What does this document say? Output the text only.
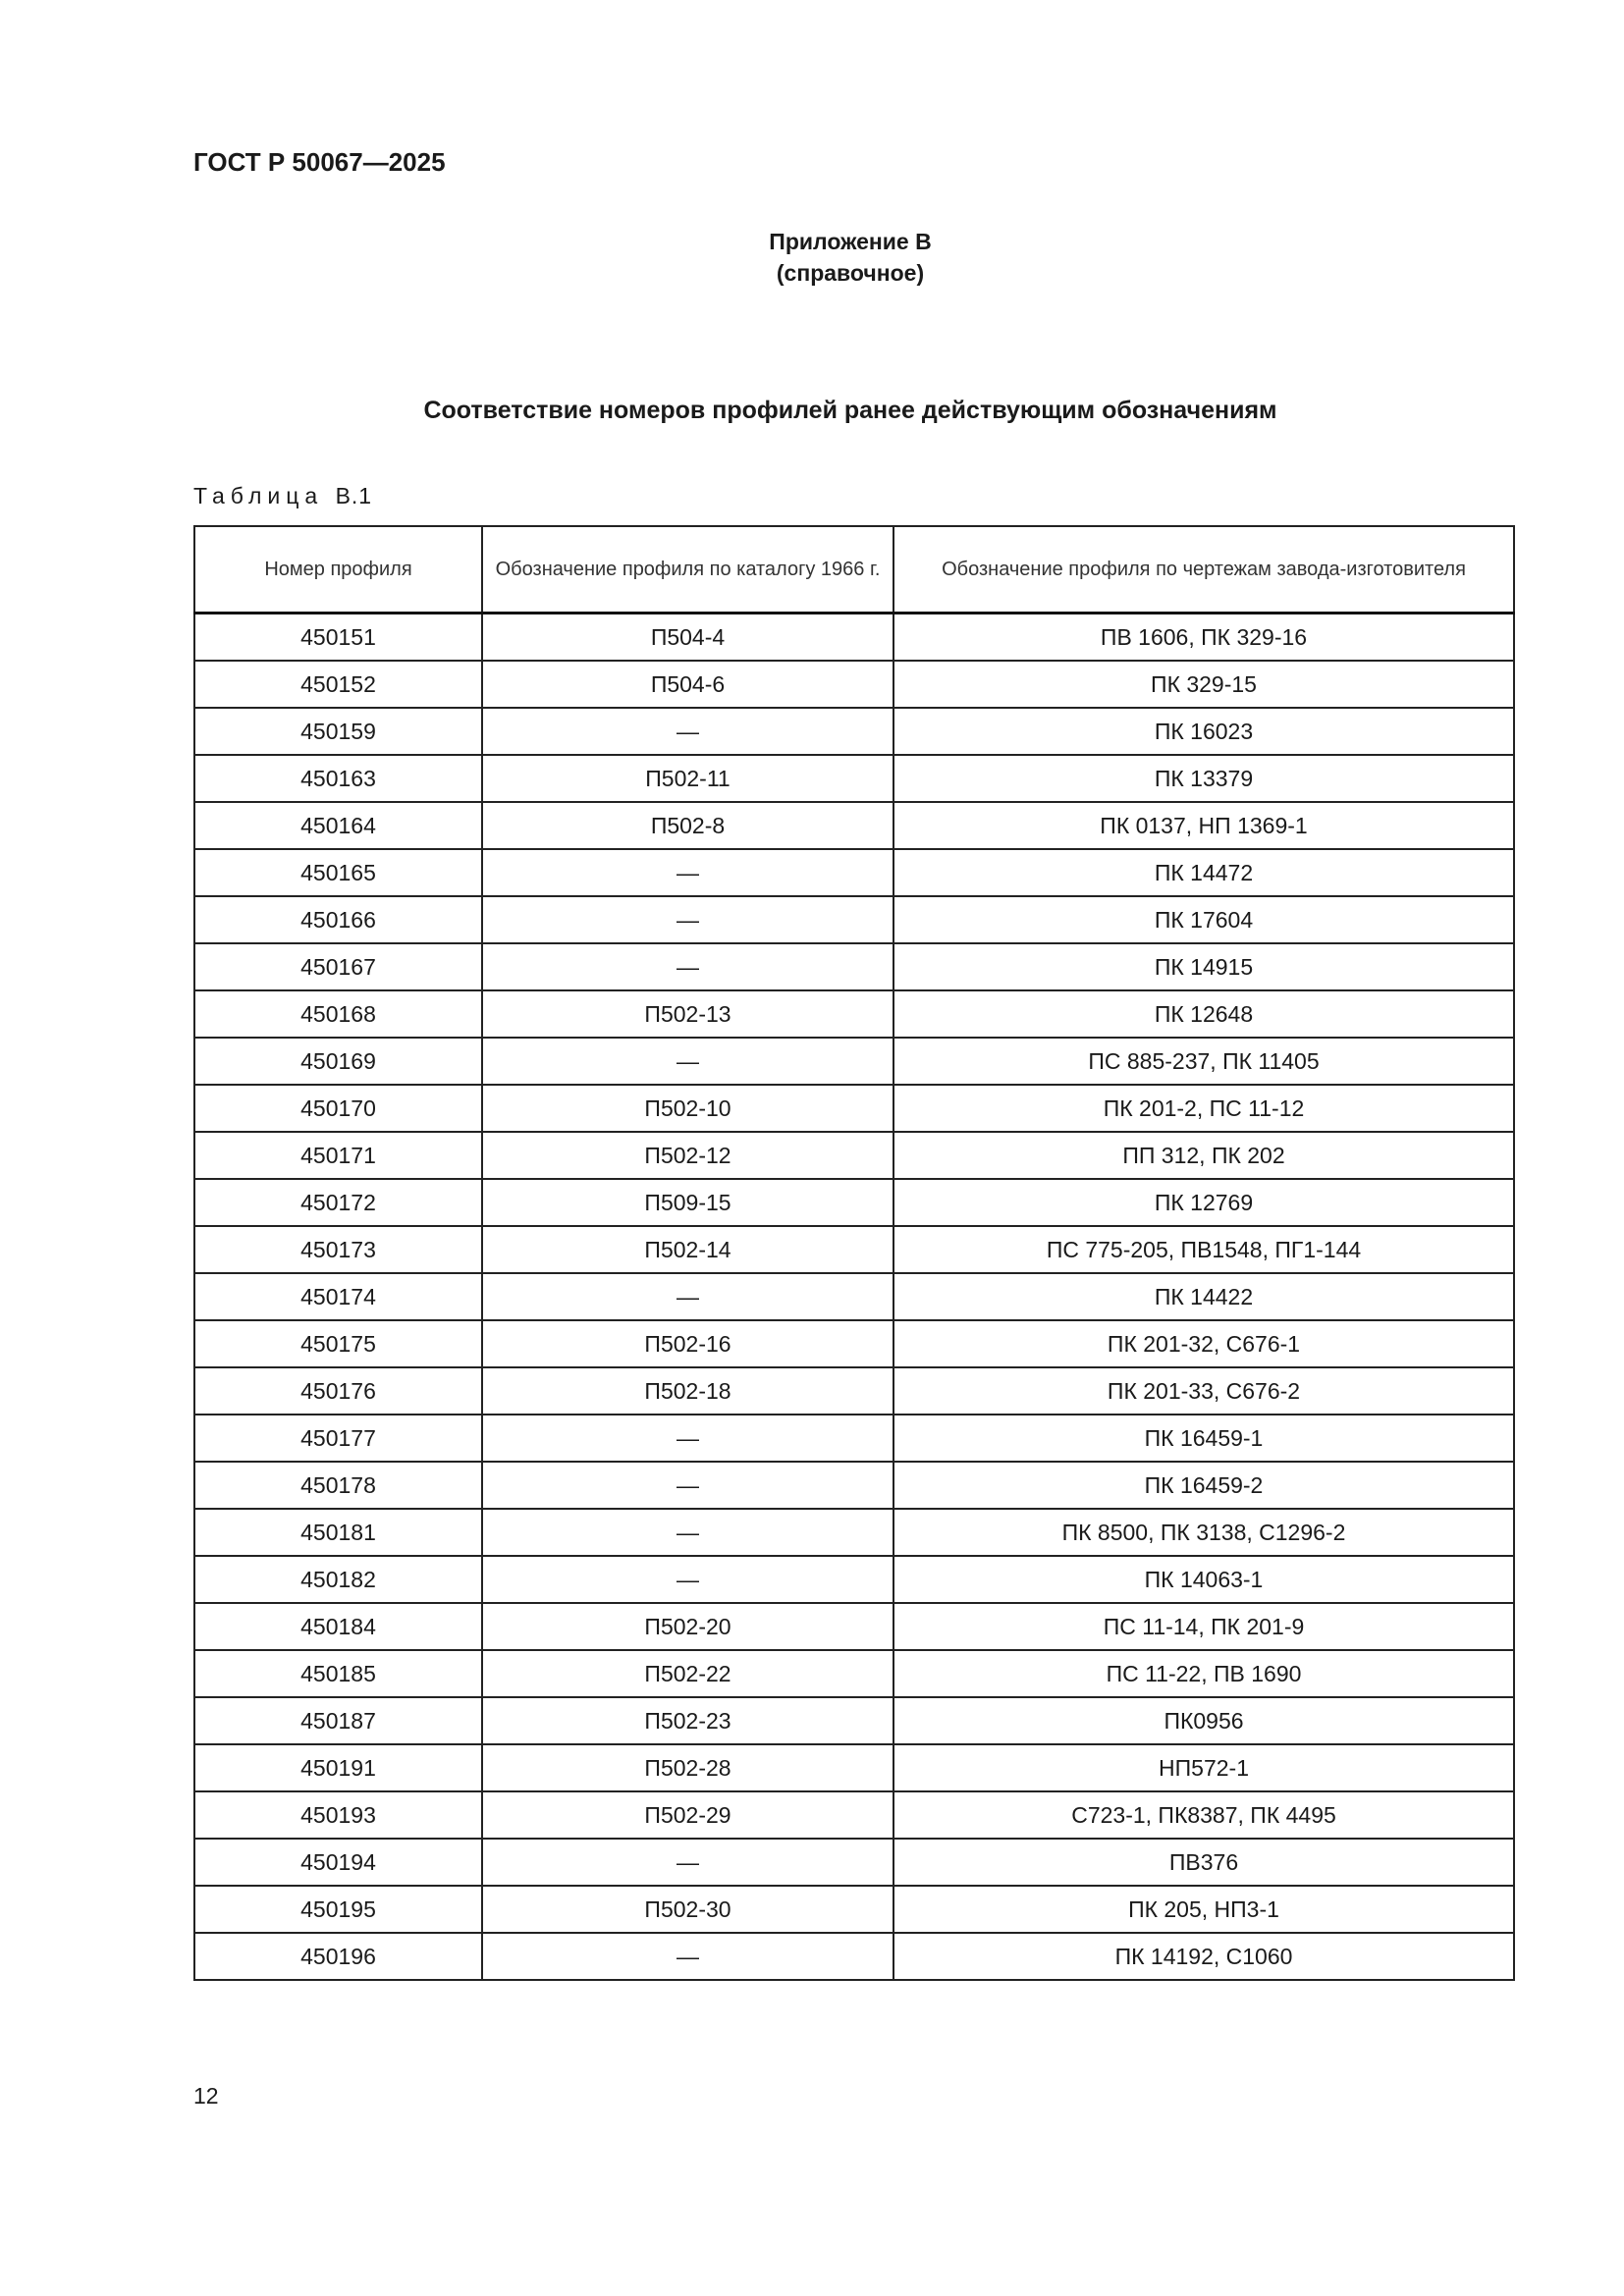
ГОСТ Р 50067—2025
Приложение В
(справочное)
Соответствие номеров профилей ранее действующим обозначениям
Таблица В.1
Номер профиля	Обозначение профиля по каталогу 1966 г.	Обозначение профиля по чертежам завода-изготовителя
450151	П504-4	ПВ 1606, ПК 329-16
450152	П504-6	ПК 329-15
450159	—	ПК 16023
450163	П502-11	ПК 13379
450164	П502-8	ПК 0137, НП 1369-1
450165	—	ПК 14472
450166	—	ПК 17604
450167	—	ПК 14915
450168	П502-13	ПК 12648
450169	—	ПС 885-237, ПК 11405
450170	П502-10	ПК 201-2, ПС 11-12
450171	П502-12	ПП 312, ПК 202
450172	П509-15	ПК 12769
450173	П502-14	ПС 775-205, ПВ1548, ПГ1-144
450174	—	ПК 14422
450175	П502-16	ПК 201-32, С676-1
450176	П502-18	ПК 201-33, С676-2
450177	—	ПК 16459-1
450178	—	ПК 16459-2
450181	—	ПК 8500, ПК 3138, С1296-2
450182	—	ПК 14063-1
450184	П502-20	ПС 11-14, ПК 201-9
450185	П502-22	ПС 11-22, ПВ 1690
450187	П502-23	ПК0956
450191	П502-28	НП572-1
450193	П502-29	С723-1, ПК8387, ПК 4495
450194	—	ПВ376
450195	П502-30	ПК 205, НП3-1
450196	—	ПК 14192, С1060
12
